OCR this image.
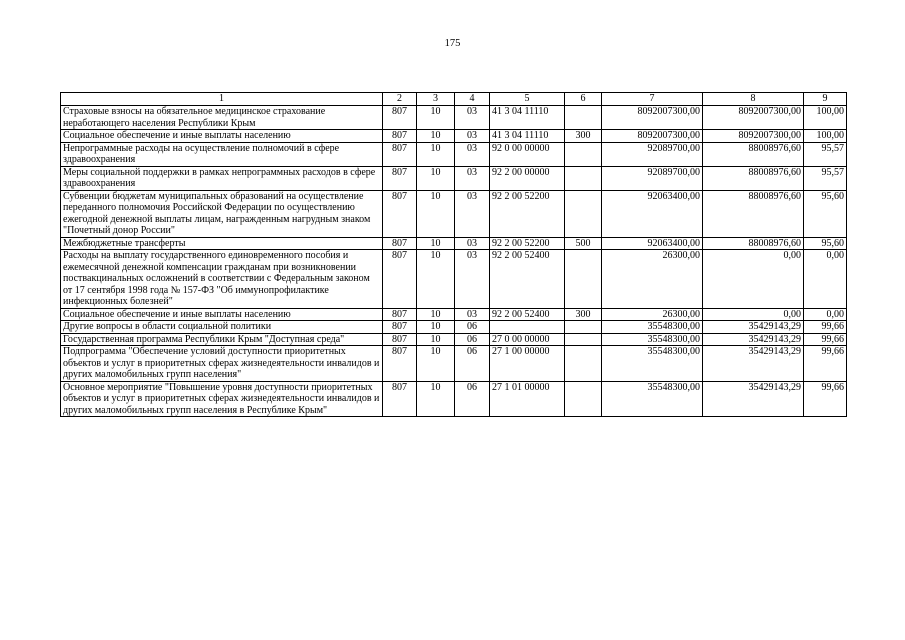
175
1	2	3	4	5	6	7	8	9
Страховые взносы на обязательное медицинское страхование неработающего населения Республики Крым	807	10	03	41 3 04 11110		8092007300,00	8092007300,00	100,00
Социальное обеспечение и иные выплаты населению	807	10	03	41 3 04 11110	300	8092007300,00	8092007300,00	100,00
Непрограммные расходы на осуществление полномочий в сфере здравоохранения	807	10	03	92 0 00 00000		92089700,00	88008976,60	95,57
Меры социальной поддержки в рамках непрограммных расходов в сфере здравоохранения	807	10	03	92 2 00 00000		92089700,00	88008976,60	95,57
Субвенции бюджетам муниципальных образований на осуществление переданного полномочия Российской Федерации по осуществлению ежегодной денежной выплаты лицам, награжденным нагрудным знаком "Почетный донор России"	807	10	03	92 2 00 52200		92063400,00	88008976,60	95,60
Межбюджетные трансферты	807	10	03	92 2 00 52200	500	92063400,00	88008976,60	95,60
Расходы на выплату государственного единовременного пособия и ежемесячной денежной компенсации гражданам при возникновении поствакцинальных осложнений в соответствии с Федеральным законом от 17 сентября 1998 года № 157-ФЗ "Об иммунопрофилактике инфекционных болезней"	807	10	03	92 2 00 52400		26300,00	0,00	0,00
Социальное обеспечение и иные выплаты населению	807	10	03	92 2 00 52400	300	26300,00	0,00	0,00
Другие вопросы в области социальной политики	807	10	06			35548300,00	35429143,29	99,66
Государственная программа Республики Крым "Доступная среда"	807	10	06	27 0 00 00000		35548300,00	35429143,29	99,66
Подпрограмма "Обеспечение условий доступности приоритетных объектов и услуг в приоритетных сферах жизнедеятельности инвалидов и других маломобильных групп населения"	807	10	06	27 1 00 00000		35548300,00	35429143,29	99,66
Основное мероприятие "Повышение уровня доступности приоритетных объектов и услуг в приоритетных сферах жизнедеятельности инвалидов и других маломобильных групп населения в Республике Крым"	807	10	06	27 1 01 00000		35548300,00	35429143,29	99,66
